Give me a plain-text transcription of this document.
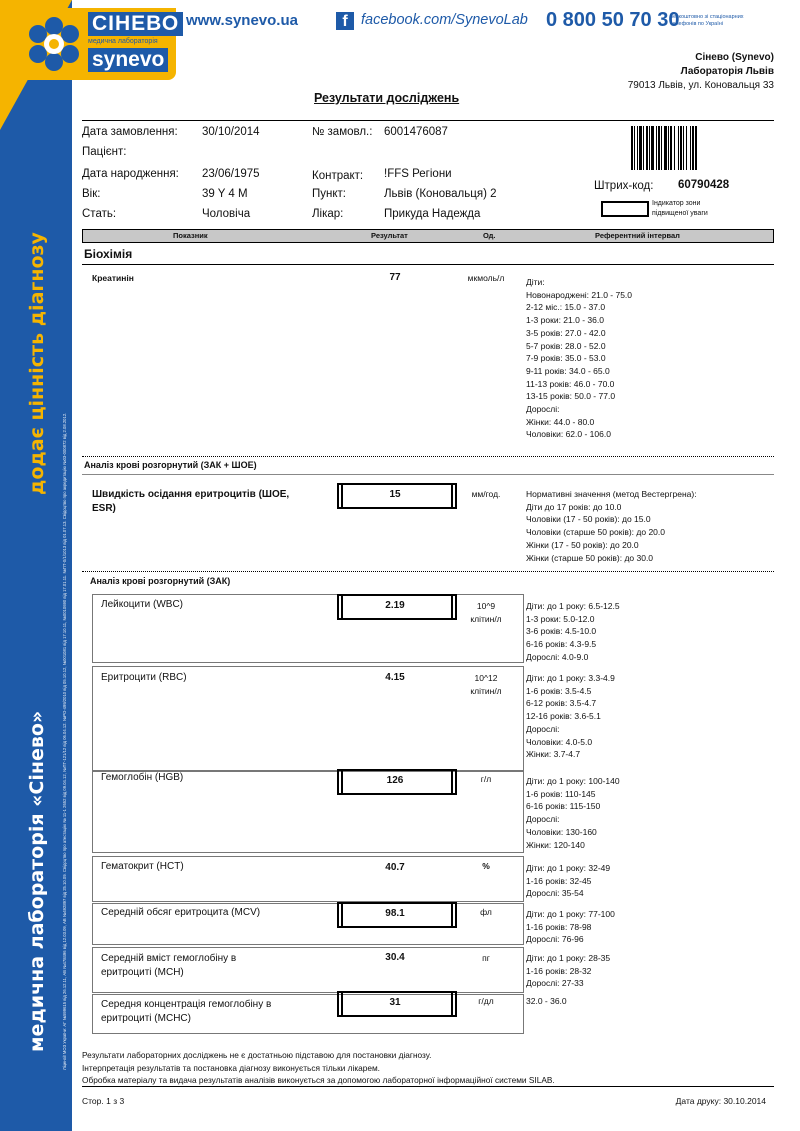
додає цінність діагнозу
медична лабораторія «Сінево»	Ліцензії МОЗ України: АГ №599615 від 26.12.11, АВ №478496 від 12.03.09, АВ №492897 від 25.10.09. Свідоцтво про атестацію № 11-1 2652 від 09.04.12, №ПТ-121/12 від 06.04.12. №РО-499/2010 від 05.10.12, №001081 від 17.10.11, №0010690 від 17.01.11. №ПТ-0/1/1013 від 01.07.13. Свідоцтво про акредитацію №03-000872 від 2.08.2012.
СІНЕВО
медична лабораторія
synevo
www.synevo.ua	f facebook.com/SynevoLab 0 800 50 70 30
безкоштовно зі стаціонарних
телефонів по Україні
Сінево (Synevo)
Лабораторія Львів
79013 Львів, ул. Коновальця 33
Результати досліджень
Дата замовлення: 30/10/2014	№ замовл.: 6001476087
Пацієнт:
Дата народження: 23/06/1975	Контракт: !FFS Регіони
Вік:	39 Y 4 M	Пункт:	Львів (Коновальця) 2
Стать:	Чоловіча	Лікар:	Прикуда Надежда
Штрих-код: 60790428
Індикатор зони
підвищеної уваги
Показник	Результат	Од.	Референтний інтервал
Біохімія
Креатинін	77	мкмоль/л	Діти:
Новонароджені: 21.0 - 75.0
2-12 міс.: 15.0 - 37.0
1-3 роки: 21.0 - 36.0
3-5 років: 27.0 - 42.0
5-7 років: 28.0 - 52.0
7-9 років: 35.0 - 53.0
9-11 років: 34.0 - 65.0
11-13 років: 46.0 - 70.0
13-15 років: 50.0 - 77.0
Дорослі:
Жінки: 44.0 - 80.0
Чоловіки: 62.0 - 106.0
Аналіз крові розгорнутий (ЗАК + ШОЕ)
Швидкість осідання еритроцитів (ШОЕ,
ESR)
15	мм/год.	Нормативні значення (метод Вестергрена):
Діти до 17 років: до 10.0
Чоловіки (17 - 50 років): до 15.0
Чоловіки (старше 50 років): до 20.0
Жінки (17 - 50 років): до 20.0
Жінки (старше 50 років): до 30.0
Аналіз крові розгорнутий (ЗАК)
Лейкоцити (WBC)	2.19	10^9
клітин/л
Діти: до 1 року: 6.5-12.5
1-3 роки: 5.0-12.0
3-6 років: 4.5-10.0
6-16 років: 4.3-9.5
Дорослі: 4.0-9.0
Еритроцити (RBC)	4.15	10^12
клітин/л
Діти: до 1 року: 3.3-4.9
1-6 років: 3.5-4.5
6-12 років: 3.5-4.7
12-16 років: 3.6-5.1
Дорослі:
Чоловіки: 4.0-5.0
Жінки: 3.7-4.7
Гемоглобін (HGB)	126	г/л	Діти: до 1 року: 100-140
1-6 років: 110-145
6-16 років: 115-150
Дорослі:
Чоловіки: 130-160
Жінки: 120-140
Гематокрит (HCT)	40.7	%	Діти: до 1 року: 32-49
1-16 років: 32-45
Дорослі: 35-54
Середній обсяг еритроцита (MCV)	98.1	фл	Діти: до 1 року: 77-100
1-16 років: 78-98
Дорослі: 76-96
Середній вміст гемоглобіну в
еритроциті (MCH)
30.4	пг	Діти: до 1 року: 28-35
1-16 років: 28-32
Дорослі: 27-33
Середня концентрація гемоглобіну в
еритроциті (MCHC)
31	г/дл	32.0 - 36.0
Результати лабораторних досліджень не є достатньою підставою для постановки діагнозу.
Інтерпретація результатів та постановка діагнозу виконується тільки лікарем.
Обробка матеріалу та видача результатів аналізів виконується за допомогою лабораторної інформаційної системи SILAB.
Стор. 1 з 3	Дата друку: 30.10.2014
